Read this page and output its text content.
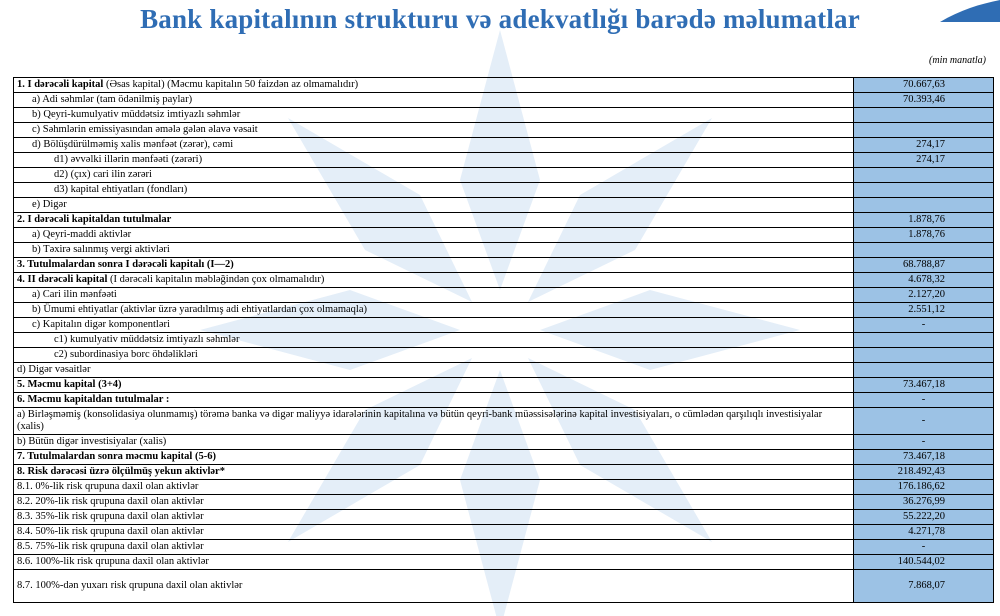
Bank kapitalının strukturu və adekvatlığı barədə məlumatlar
(min manatla)
1. I dərəcəli kapital (Əsas kapital) (Məcmu kapitalın 50 faizdən az olmamalıdır)	70.667,63
a) Adi səhmlər (tam ödənilmiş paylar)	70.393,46
b) Qeyri-kumulyativ müddətsiz imtiyazlı səhmlər	
c) Səhmlərin emissiyasından əmələ gələn əlavə vəsait	
d) Bölüşdürülməmiş xalis mənfəət (zərər), cəmi	274,17
d1) əvvəlki illərin mənfəəti (zərəri)	274,17
d2) (çıx) cari ilin zərəri	
d3) kapital ehtiyatları (fondları)	
e) Digər	
2. I dərəcəli kapitaldan tutulmalar	1.878,76
a) Qeyri-maddi aktivlər	1.878,76
b) Təxirə salınmış vergi aktivləri	
3. Tutulmalardan sonra I dərəcəli kapitalı (I—2)	68.788,87
4. II dərəcəli kapital (I dərəcəli kapitalın məbləğindən çox olmamalıdır)	4.678,32
a) Cari ilin mənfəəti	2.127,20
b) Ümumi ehtiyatlar (aktivlər üzrə yaradılmış adi ehtiyatlardan çox olmamaqla)	2.551,12
c) Kapitalın digər komponentləri	-
c1) kumulyativ müddətsiz imtiyazlı səhmlər	
c2) subordinasiya borc öhdəlikləri	
d) Digər vəsaitlər	
5. Məcmu kapital (3+4)	73.467,18
6. Məcmu kapitaldan tutulmalar :	-
a) Birləşməmiş (konsolidasiya olunmamış) törəmə banka və digər maliyyə idarələrinin kapitalına və bütün qeyri-bank müəssisələrinə kapital investisiyaları, o cümlədən qarşılıqlı investisiyalar (xalis)	-
b) Bütün digər investisiyalar (xalis)	-
7. Tutulmalardan sonra məcmu kapital (5-6)	73.467,18
8. Risk dərəcəsi üzrə ölçülmüş yekun aktivlər*	218.492,43
8.1. 0%-lik risk qrupuna daxil olan aktivlər	176.186,62
8.2. 20%-lik risk qrupuna daxil olan aktivlər	36.276,99
8.3. 35%-lik risk qrupuna daxil olan aktivlər	55.222,20
8.4. 50%-lik risk qrupuna daxil olan aktivlər	4.271,78
8.5. 75%-lik risk qrupuna daxil olan aktivlər	-
8.6. 100%-lik risk qrupuna daxil olan aktivlər	140.544,02
8.7. 100%-dən yuxarı risk qrupuna daxil olan aktivlər	7.868,07
